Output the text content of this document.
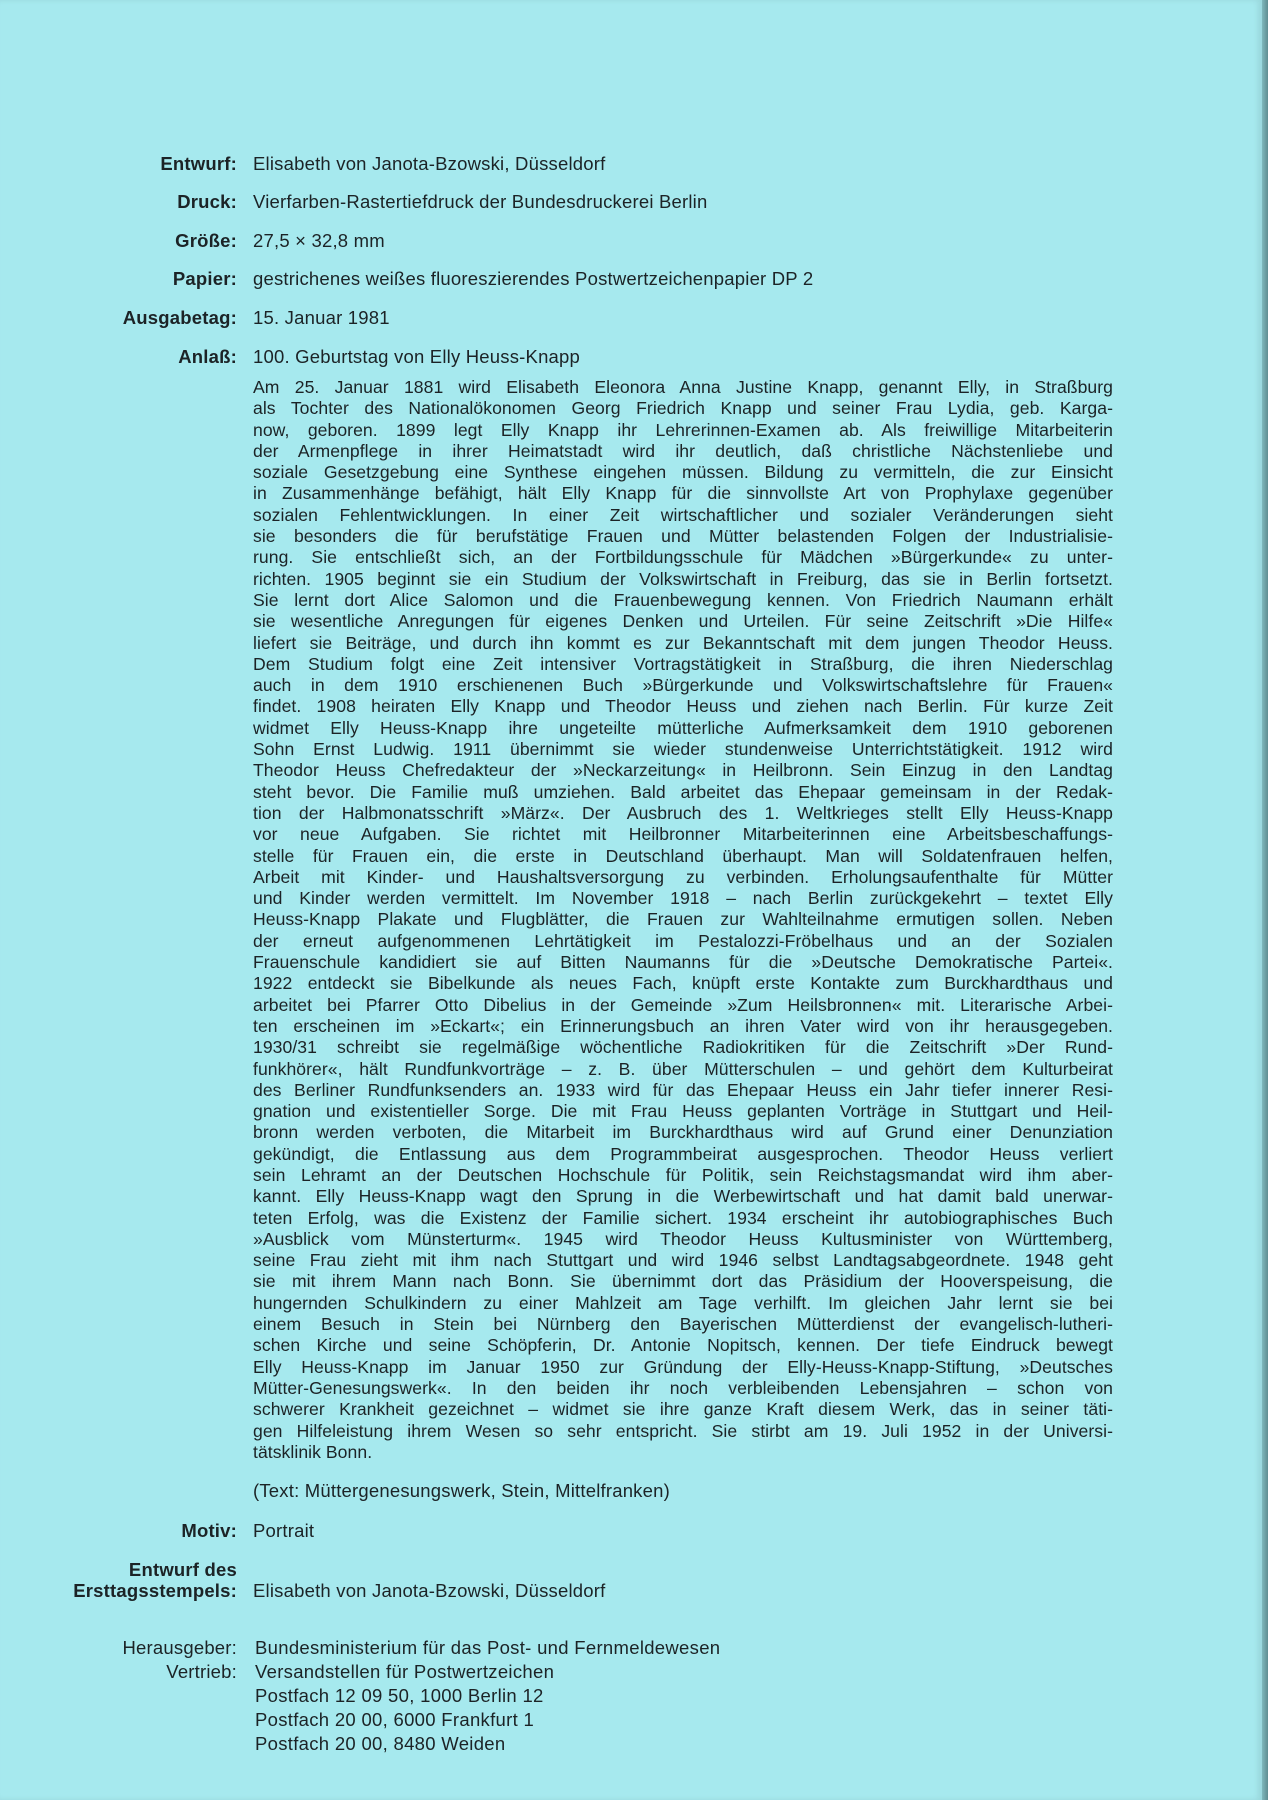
Entwurf: Elisabeth von Janota-Bzowski, Düsseldorf
Druck: Vierfarben-Rastertiefdruck der Bundesdruckerei Berlin
Größe: 27,5 × 32,8 mm
Papier: gestrichenes weißes fluoreszierendes Postwertzeichenpapier DP 2
Ausgabetag: 15. Januar 1981
Anlaß: 100. Geburtstag von Elly Heuss-Knapp
Am 25. Januar 1881 wird Elisabeth Eleonora Anna Justine Knapp, genannt Elly, in Straßburg
als Tochter des Nationalökonomen Georg Friedrich Knapp und seiner Frau Lydia, geb. Karga-
now, geboren. 1899 legt Elly Knapp ihr Lehrerinnen-Examen ab. Als freiwillige Mitarbeiterin
der Armenpflege in ihrer Heimatstadt wird ihr deutlich, daß christliche Nächstenliebe und
soziale Gesetzgebung eine Synthese eingehen müssen. Bildung zu vermitteln, die zur Einsicht
in Zusammenhänge befähigt, hält Elly Knapp für die sinnvollste Art von Prophylaxe gegenüber
sozialen Fehlentwicklungen. In einer Zeit wirtschaftlicher und sozialer Veränderungen sieht
sie besonders die für berufstätige Frauen und Mütter belastenden Folgen der Industrialisie-
rung. Sie entschließt sich, an der Fortbildungsschule für Mädchen »Bürgerkunde« zu unter-
richten. 1905 beginnt sie ein Studium der Volkswirtschaft in Freiburg, das sie in Berlin fortsetzt.
Sie lernt dort Alice Salomon und die Frauenbewegung kennen. Von Friedrich Naumann erhält
sie wesentliche Anregungen für eigenes Denken und Urteilen. Für seine Zeitschrift »Die Hilfe«
liefert sie Beiträge, und durch ihn kommt es zur Bekanntschaft mit dem jungen Theodor Heuss.
Dem Studium folgt eine Zeit intensiver Vortragstätigkeit in Straßburg, die ihren Niederschlag
auch in dem 1910 erschienenen Buch »Bürgerkunde und Volkswirtschaftslehre für Frauen«
findet. 1908 heiraten Elly Knapp und Theodor Heuss und ziehen nach Berlin. Für kurze Zeit
widmet Elly Heuss-Knapp ihre ungeteilte mütterliche Aufmerksamkeit dem 1910 geborenen
Sohn Ernst Ludwig. 1911 übernimmt sie wieder stundenweise Unterrichtstätigkeit. 1912 wird
Theodor Heuss Chefredakteur der »Neckarzeitung« in Heilbronn. Sein Einzug in den Landtag
steht bevor. Die Familie muß umziehen. Bald arbeitet das Ehepaar gemeinsam in der Redak-
tion der Halbmonatsschrift »März«. Der Ausbruch des 1. Weltkrieges stellt Elly Heuss-Knapp
vor neue Aufgaben. Sie richtet mit Heilbronner Mitarbeiterinnen eine Arbeitsbeschaffungs-
stelle für Frauen ein, die erste in Deutschland überhaupt. Man will Soldatenfrauen helfen,
Arbeit mit Kinder- und Haushaltsversorgung zu verbinden. Erholungsaufenthalte für Mütter
und Kinder werden vermittelt. Im November 1918 – nach Berlin zurückgekehrt – textet Elly
Heuss-Knapp Plakate und Flugblätter, die Frauen zur Wahlteilnahme ermutigen sollen. Neben
der erneut aufgenommenen Lehrtätigkeit im Pestalozzi-Fröbelhaus und an der Sozialen
Frauenschule kandidiert sie auf Bitten Naumanns für die »Deutsche Demokratische Partei«.
1922 entdeckt sie Bibelkunde als neues Fach, knüpft erste Kontakte zum Burckhardthaus und
arbeitet bei Pfarrer Otto Dibelius in der Gemeinde »Zum Heilsbronnen« mit. Literarische Arbei-
ten erscheinen im »Eckart«; ein Erinnerungsbuch an ihren Vater wird von ihr herausgegeben.
1930/31 schreibt sie regelmäßige wöchentliche Radiokritiken für die Zeitschrift »Der Rund-
funkhörer«, hält Rundfunkvorträge – z. B. über Mütterschulen – und gehört dem Kulturbeirat
des Berliner Rundfunksenders an. 1933 wird für das Ehepaar Heuss ein Jahr tiefer innerer Resi-
gnation und existentieller Sorge. Die mit Frau Heuss geplanten Vorträge in Stuttgart und Heil-
bronn werden verboten, die Mitarbeit im Burckhardthaus wird auf Grund einer Denunziation
gekündigt, die Entlassung aus dem Programmbeirat ausgesprochen. Theodor Heuss verliert
sein Lehramt an der Deutschen Hochschule für Politik, sein Reichstagsmandat wird ihm aber-
kannt. Elly Heuss-Knapp wagt den Sprung in die Werbewirtschaft und hat damit bald unerwar-
teten Erfolg, was die Existenz der Familie sichert. 1934 erscheint ihr autobiographisches Buch
»Ausblick vom Münsterturm«. 1945 wird Theodor Heuss Kultusminister von Württemberg,
seine Frau zieht mit ihm nach Stuttgart und wird 1946 selbst Landtagsabgeordnete. 1948 geht
sie mit ihrem Mann nach Bonn. Sie übernimmt dort das Präsidium der Hooverspeisung, die
hungernden Schulkindern zu einer Mahlzeit am Tage verhilft. Im gleichen Jahr lernt sie bei
einem Besuch in Stein bei Nürnberg den Bayerischen Mütterdienst der evangelisch-lutheri-
schen Kirche und seine Schöpferin, Dr. Antonie Nopitsch, kennen. Der tiefe Eindruck bewegt
Elly Heuss-Knapp im Januar 1950 zur Gründung der Elly-Heuss-Knapp-Stiftung, »Deutsches
Mütter-Genesungswerk«. In den beiden ihr noch verbleibenden Lebensjahren – schon von
schwerer Krankheit gezeichnet – widmet sie ihre ganze Kraft diesem Werk, das in seiner täti-
gen Hilfeleistung ihrem Wesen so sehr entspricht. Sie stirbt am 19. Juli 1952 in der Universi-
tätsklinik Bonn.
(Text: Müttergenesungswerk, Stein, Mittelfranken)
Motiv: Portrait
Entwurf des
Ersttagsstempels: Elisabeth von Janota-Bzowski, Düsseldorf
Herausgeber: Bundesministerium für das Post- und Fernmeldewesen
Vertrieb: Versandstellen für Postwertzeichen
Postfach 12 09 50, 1000 Berlin 12
Postfach 20 00, 6000 Frankfurt 1
Postfach 20 00, 8480 Weiden
